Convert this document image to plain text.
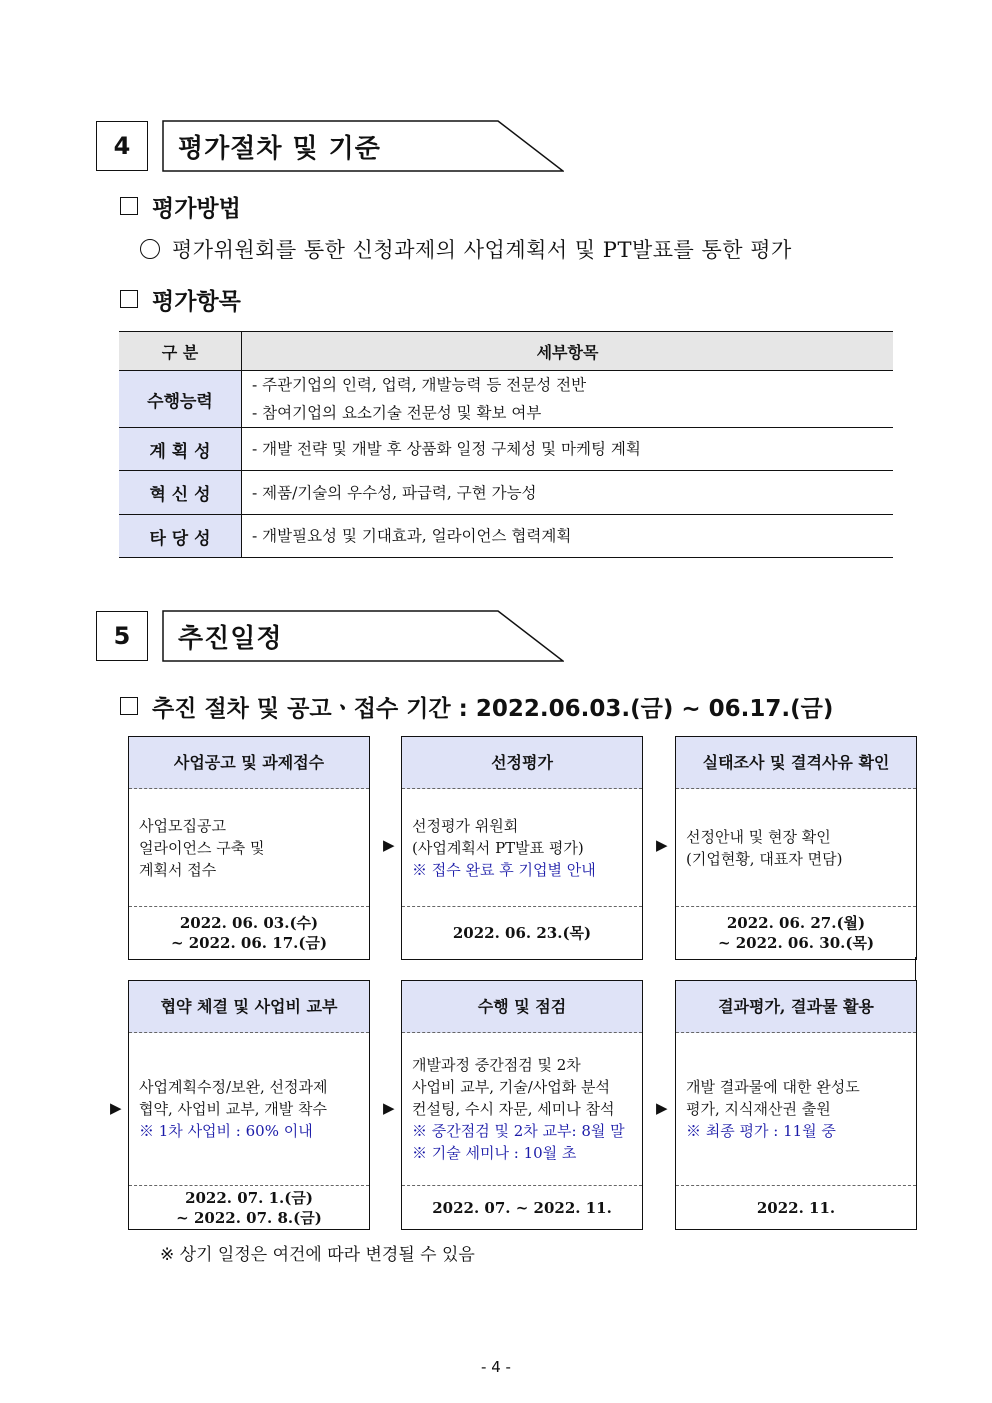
4	평가절차 및 기준
평가방법
평가위원회를 통한 신청과제의 사업계획서 및 PT발표를 통한 평가
평가항목
구 분	세부항목
수행능력	- 주관기업의 인력, 업력, 개발능력 등 전문성 전반
- 참여기업의 요소기술 전문성 및 확보 여부

계 획 성	- 개발 전략 및 개발 후 상품화 일정 구체성 및 마케팅 계획

혁 신 성	- 제품/기술의 우수성, 파급력, 구현 가능성

타 당 성	- 개발필요성 및 기대효과, 얼라이언스 협력계획
5	추진일정
추진 절차 및 공고ㆍ접수 기간 : 2022.06.03.(금) ~ 06.17.(금)
사업공고 및 과제접수
사업모집공고
얼라이언스 구축 및
계획서 접수
2022. 06. 03.(수)
~ 2022. 06. 17.(금)
▶
선정평가
선정평가 위원회
(사업계획서 PT발표 평가)
※ 접수 완료 후 기업별 안내
2022. 06. 23.(목)
▶
실태조사 및 결격사유 확인
선정안내 및 현장 확인
(기업현황, 대표자 면담)
2022. 06. 27.(월)
~ 2022. 06. 30.(목)
▶
협약 체결 및 사업비 교부
사업계획수정/보완, 선정과제
협약, 사업비 교부, 개발 착수
※ 1차 사업비 : 60% 이내
2022. 07. 1.(금)
~ 2022. 07. 8.(금)
▶
수행 및 점검
개발과정 중간점검 및 2차
사업비 교부, 기술/사업화 분석
컨설팅, 수시 자문, 세미나 참석
※ 중간점검 및 2차 교부: 8월 말
※ 기술 세미나 : 10월 초
2022. 07. ~ 2022. 11.
▶
결과평가, 결과물 활용
개발 결과물에 대한 완성도
평가, 지식재산권 출원
※ 최종 평가 : 11월 중
2022. 11.
※ 상기 일정은 여건에 따라 변경될 수 있음
- 4 -
